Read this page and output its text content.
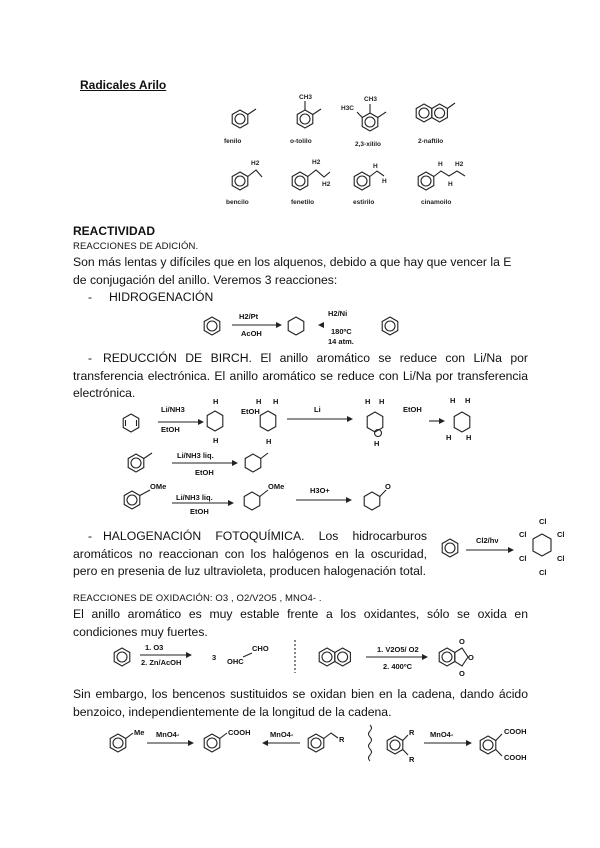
Radicales Arilo
CH3	CH3
H3C
fenilo	o-tolilo	2,3-xililo	2-naftilo
H2	H2
H2
H
H
H H2
H
bencilo	fenetilo	estirilo	cinamoilo
REACTIVIDAD
REACCIONES DE ADICIÓN.
Son más lentas y difíciles que en los alquenos, debido a que hay que vencer la E de conjugación del anillo. Veremos 3 reacciones:
- HIDROGENACIÓN
H2/Pt
AcOH
H2/Ni
180ºC
14 atm.
- REDUCCIÓN DE BIRCH. El anillo aromático se reduce con Li/Na por transferencia electrónica. El anillo aromático se reduce con Li/Na por transferencia electrónica.
Li/NH3
EtOH
H
H
EtOH
H H
H
Li
H H
H
EtOH
H H
H H
Li/NH3 liq.
EtOH
OMe
Li/NH3 liq.
EtOH
OMe	H3O+	O
- HALOGENACIÓN FOTOQUÍMICA. Los hidrocarburos aromáticos no reaccionan con los halógenos en la oscuridad, pero en presenia de luz ultravioleta, producen halogenación total.
Cl2/hν
Cl
Cl	Cl
Cl	Cl
Cl
REACCIONES DE OXIDACIÓN: O3 , O2/V2O5 , MNO4- .
El anillo aromático es muy estable frente a los oxidantes, sólo se oxida en condiciones muy fuertes.
1. O3
2. Zn/AcOH
3 OHC
CHO	1. V2O5/ O2
2. 400ºC
O
O
O
Sin embargo, los bencenos sustituidos se oxidan bien en la cadena, dando ácido benzoico, independientemente de la longitud de la cadena.
Me MnO4-	COOH	MnO4-
R
R
R
MnO4-	COOH
COOH
